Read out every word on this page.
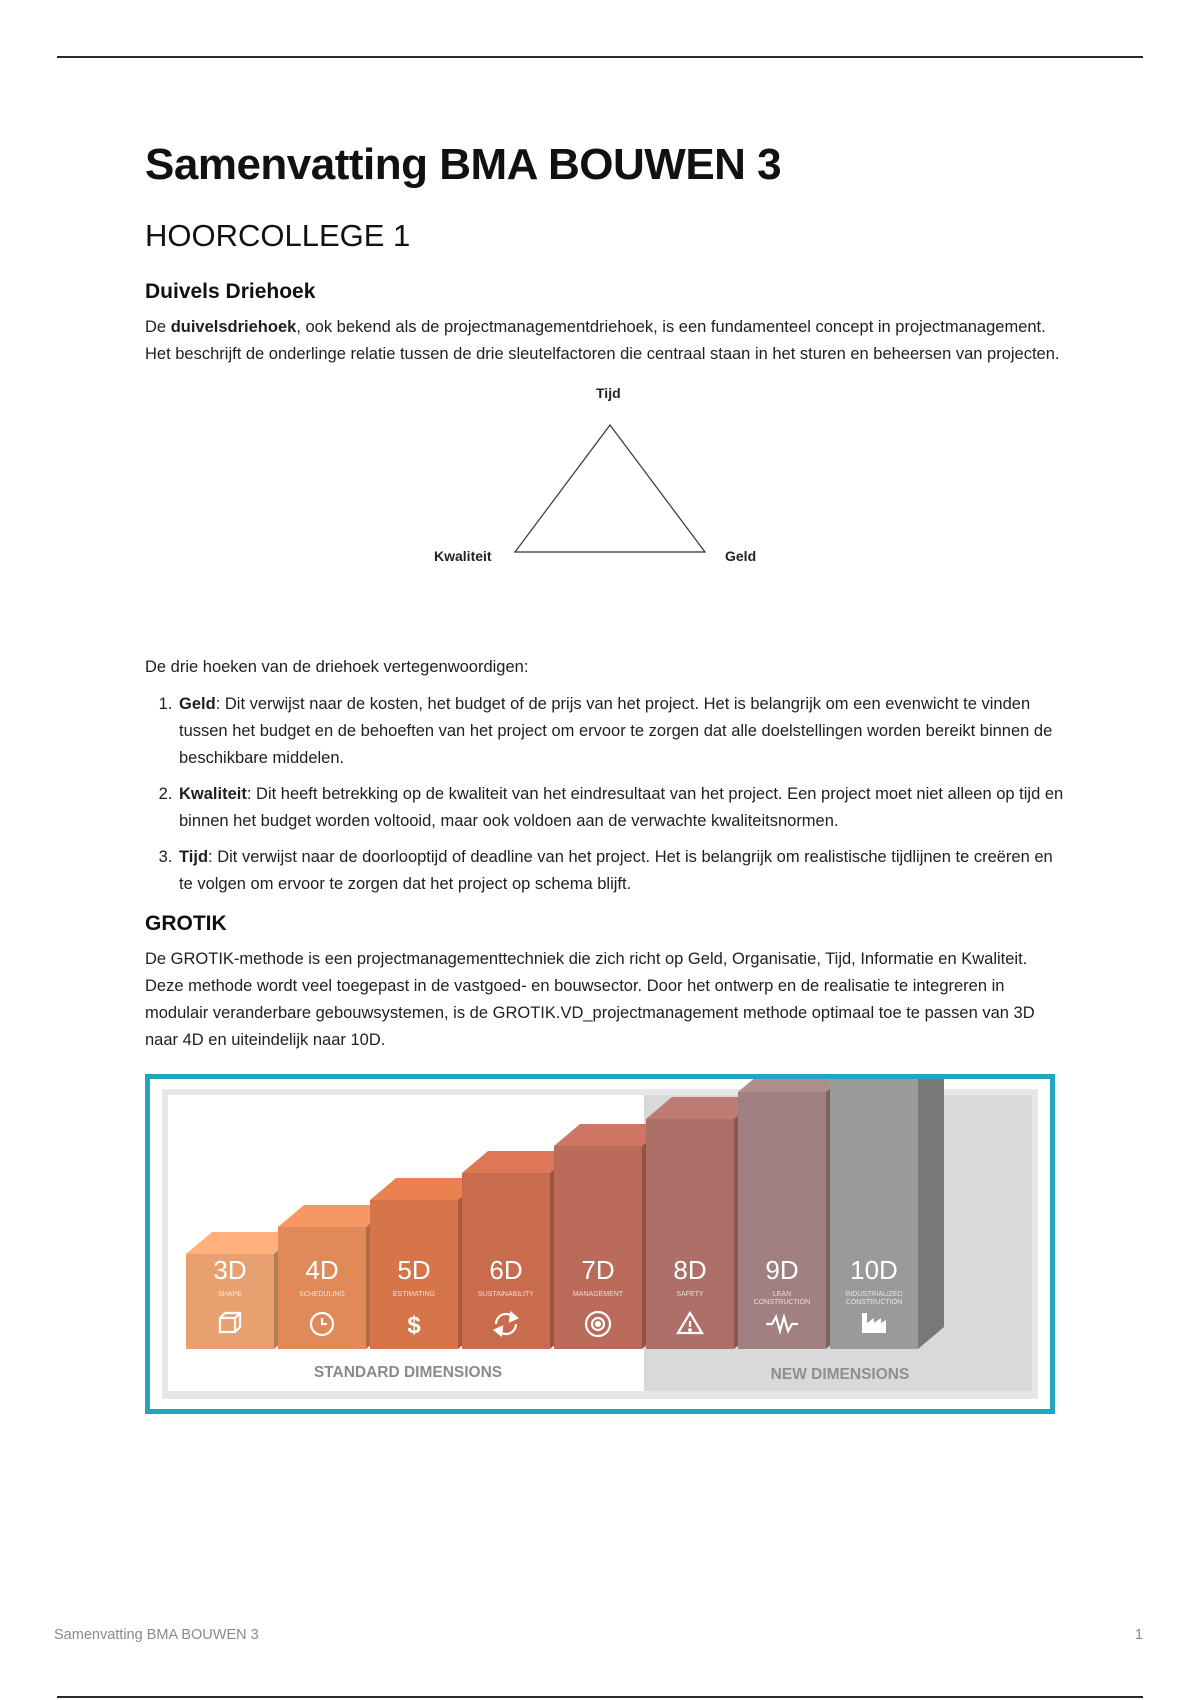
Samenvatting BMA BOUWEN 3
HOORCOLLEGE 1
Duivels Driehoek

De duivelsdriehoek, ook bekend als de projectmanagementdriehoek, is een fundamenteel concept in projectmanagement. Het beschrijft de onderlinge relatie tussen de drie sleutelfactoren die centraal staan in het sturen en beheersen van projecten.

Tijd
Kwaliteit	Geld

De drie hoeken van de driehoek vertegenwoordigen:

1. Geld: Dit verwijst naar de kosten, het budget of de prijs van het project. Het is belangrijk om een evenwicht te vinden tussen het budget en de behoeften van het project om ervoor te zorgen dat alle doelstellingen worden bereikt binnen de beschikbare middelen.
2. Kwaliteit: Dit heeft betrekking op de kwaliteit van het eindresultaat van het project. Een project moet niet alleen op tijd en binnen het budget worden voltooid, maar ook voldoen aan de verwachte kwaliteitsnormen.
3. Tijd: Dit verwijst naar de doorlooptijd of deadline van het project. Het is belangrijk om realistische tijdlijnen te creëren en te volgen om ervoor te zorgen dat het project op schema blijft.
GROTIK

De GROTIK-methode is een projectmanagementtechniek die zich richt op Geld, Organisatie, Tijd, Informatie en Kwaliteit. Deze methode wordt veel toegepast in de vastgoed- en bouwsector. Door het ontwerp en de realisatie te integreren in modulair veranderbare gebouwsystemen, is de GROTIK.VD_projectmanagement methode optimaal toe te passen van 3D naar 4D en uiteindelijk naar 10D.

3D
SHAPE
4D
SCHEDULING
5D
ESTIMATING
$
6D
SUSTAINABILITY
7D
MANAGEMENT
8D
SAFETY
9D
LEAN CONSTRUCTION
10D
INDUSTRIALIZED CONSTRUCTION
STANDARD DIMENSIONS	NEW DIMENSIONS
Samenvatting BMA BOUWEN 3	1
